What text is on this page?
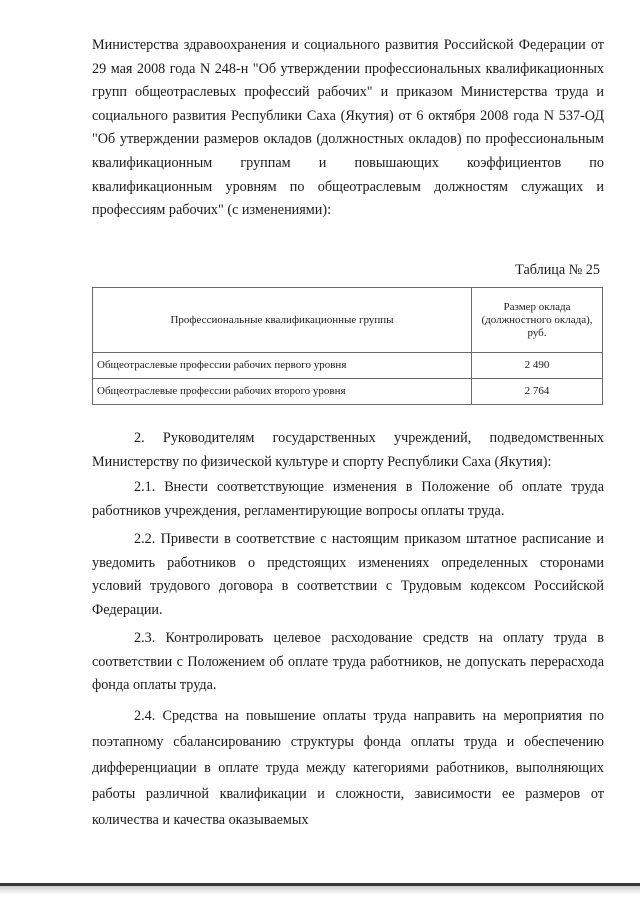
Министерства здравоохранения и социального развития Российской Федерации от 29 мая 2008 года N 248-н "Об утверждении профессиональных квалификационных групп общеотраслевых профессий рабочих" и приказом Министерства труда и социального развития Республики Саха (Якутия) от 6 октября 2008 года N 537-ОД "Об утверждении размеров окладов (должностных окладов) по профессиональным квалификационным группам и повышающих коэффициентов по квалификационным уровням по общеотраслевым должностям служащих и профессиям рабочих" (с изменениями):
Таблица № 25
Профессиональные квалификационные группы	Размер оклада (должностного оклада), руб.
Общеотраслевые профессии рабочих первого уровня	2 490
Общеотраслевые профессии рабочих второго уровня	2 764
2. Руководителям государственных учреждений, подведомственных Министерству по физической культуре и спорту Республики Саха (Якутия):
2.1. Внести соответствующие изменения в Положение об оплате труда работников учреждения, регламентирующие вопросы оплаты труда.
2.2. Привести в соответствие с настоящим приказом штатное расписание и уведомить работников о предстоящих изменениях определенных сторонами условий трудового договора в соответствии с Трудовым кодексом Российской Федерации.
2.3. Контролировать целевое расходование средств на оплату труда в соответствии с Положением об оплате труда работников, не допускать перерасхода фонда оплаты труда.
2.4. Средства на повышение оплаты труда направить на мероприятия по поэтапному сбалансированию структуры фонда оплаты труда и обеспечению дифференциации в оплате труда между категориями работников, выполняющих работы различной квалификации и сложности, зависимости ее размеров от количества и качества оказываемых
